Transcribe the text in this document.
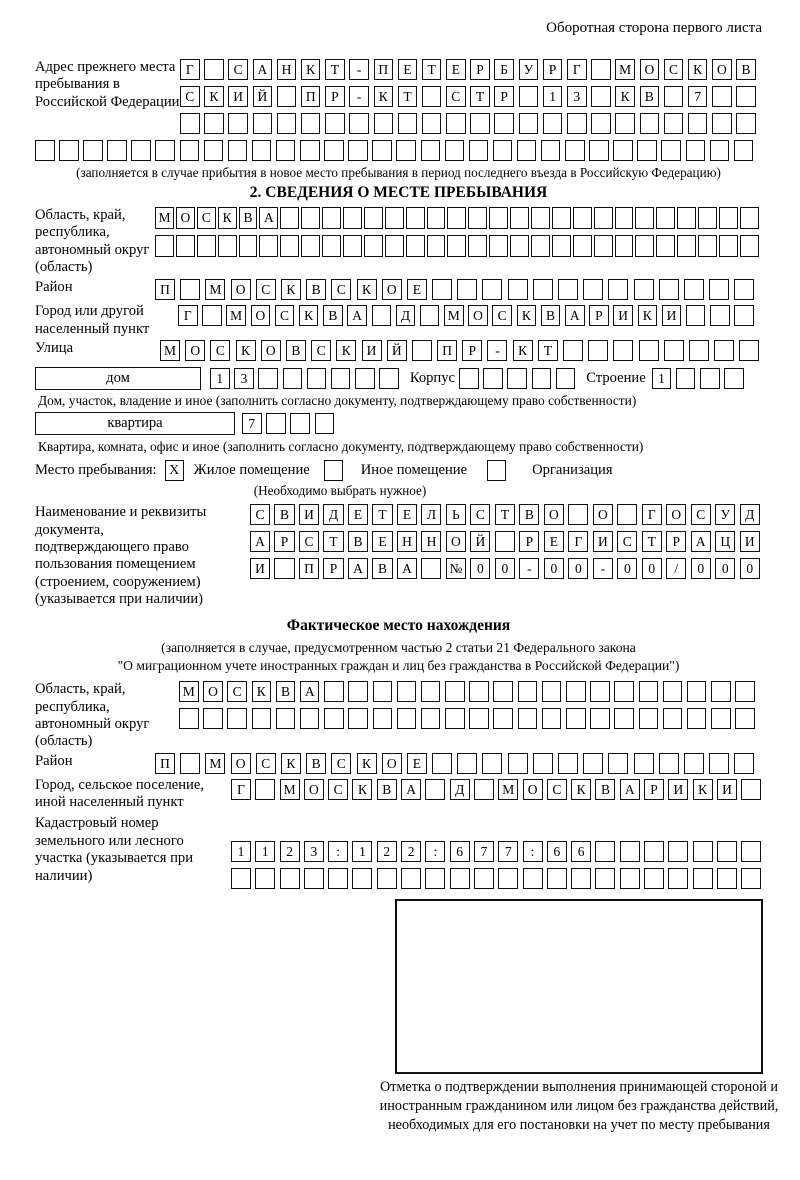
Оборотная сторона первого листа
Адрес прежнего места пребывания в Российской Федерации
Г	С	А	Н	К	Т	-	П	Е	Т	Е	Р	Б	У	Р	Г	М О	С	К	О	В
С	К	И	Й	П	Р	-	К	Т	С	Т	Р	1	3	К	В	7
(заполняется в случае прибытия в новое место пребывания в период последнего въезда в Российскую Федерацию)
2. СВЕДЕНИЯ О МЕСТЕ ПРЕБЫВАНИЯ
Область, край, республика, автономный округ (область)
М О С К В А
Район	П	М	О	С	К	В	С	К	О	Е
Город или другой населенный пункт
Г	М О	С	К	В	А	Д	М О	С	К	В	А	Р	И	К	И
Улица	М	О	С	К	О	В	С	К	И	Й	П	Р	-	К	Т
дом	1	3	Корпус	Строение 1
Дом, участок, владение и иное (заполнить согласно документу, подтверждающему право собственности)
квартира	7
Квартира, комната, офис и иное (заполнить согласно документу, подтверждающему право собственности)
Место пребывания: X Жилое помещение	Иное помещение	Организация
(Необходимо выбрать нужное)
Наименование и реквизиты документа, подтверждающего право пользования помещением (строением, сооружением) (указывается при наличии)
С	В	И	Д	Е	Т	Е	Л	Ь	С	Т	В	О	О	Г	О	С	У	Д
А	Р	С	Т	В	Е	Н	Н	О	Й	Р	Е	Г	И	С	Т	Р	А	Ц	И
И	П	Р	А	В	А	№	0	0	-	0	0	-	0	0	/	0	0	0
Фактическое место нахождения
(заполняется в случае, предусмотренном частью 2 статьи 21 Федерального закона
"О миграционном учете иностранных граждан и лиц без гражданства в Российской Федерации")
Область, край, республика, автономный округ (область)
М О	С	К	В	А
Район	П	М	О	С	К	В	С	К	О	Е
Город, сельское поселение, иной населенный пункт
Г	М О	С	К	В	А	Д	М О	С	К	В	А	Р	И	К	И
Кадастровый номер земельного или лесного участка (указывается при наличии)
1	1	2	3	:	1	2	2	:	6	7	7	:	6	6
Отметка о подтверждении выполнения принимающей стороной и иностранным гражданином или лицом без гражданства действий, необходимых для его постановки на учет по месту пребывания
